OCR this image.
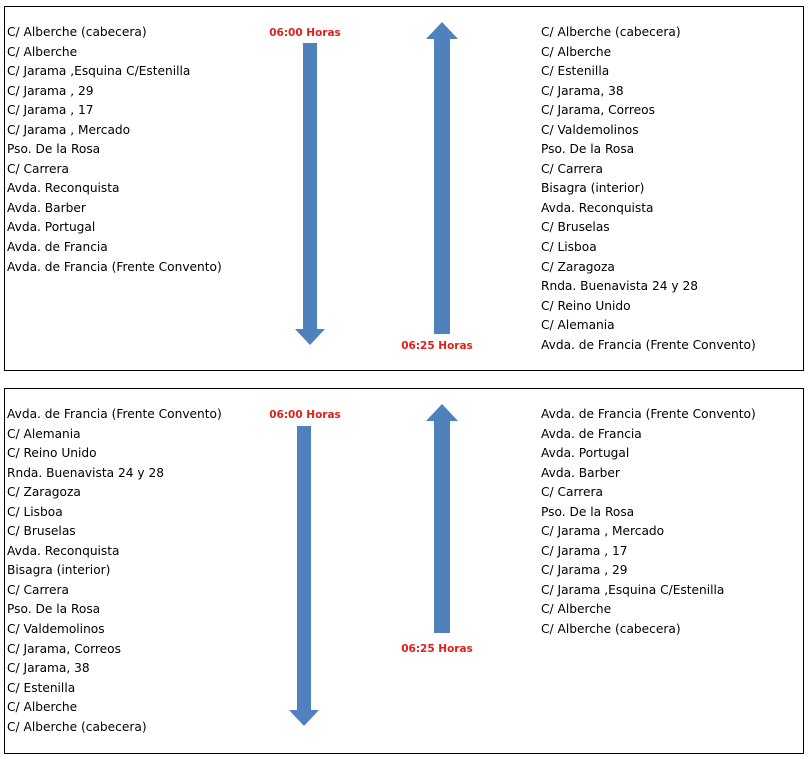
C/ Alberche (cabecera)
C/ Alberche
C/ Jarama ,Esquina C/Estenilla
C/ Jarama , 29
C/ Jarama , 17
C/ Jarama , Mercado
Pso. De la Rosa
C/ Carrera
Avda. Reconquista
Avda. Barber
Avda. Portugal
Avda. de Francia
Avda. de Francia (Frente Convento)
06:00 Horas
06:25 Horas
C/ Alberche (cabecera)
C/ Alberche
C/ Estenilla
C/ Jarama, 38
C/ Jarama, Correos
C/ Valdemolinos
Pso. De la Rosa
C/ Carrera
Bisagra (interior)
Avda. Reconquista
C/ Bruselas
C/ Lisboa
C/ Zaragoza
Rnda. Buenavista 24 y 28
C/ Reino Unido
C/ Alemania
Avda. de Francia (Frente Convento)
Avda. de Francia (Frente Convento)
C/ Alemania
C/ Reino Unido
Rnda. Buenavista 24 y 28
C/ Zaragoza
C/ Lisboa
C/ Bruselas
Avda. Reconquista
Bisagra (interior)
C/ Carrera
Pso. De la Rosa
C/ Valdemolinos
C/ Jarama, Correos
C/ Jarama, 38
C/ Estenilla
C/ Alberche
C/ Alberche (cabecera)
06:00 Horas
06:25 Horas
Avda. de Francia (Frente Convento)
Avda. de Francia
Avda. Portugal
Avda. Barber
C/ Carrera
Pso. De la Rosa
C/ Jarama , Mercado
C/ Jarama , 17
C/ Jarama , 29
C/ Jarama ,Esquina C/Estenilla
C/ Alberche
C/ Alberche (cabecera)
